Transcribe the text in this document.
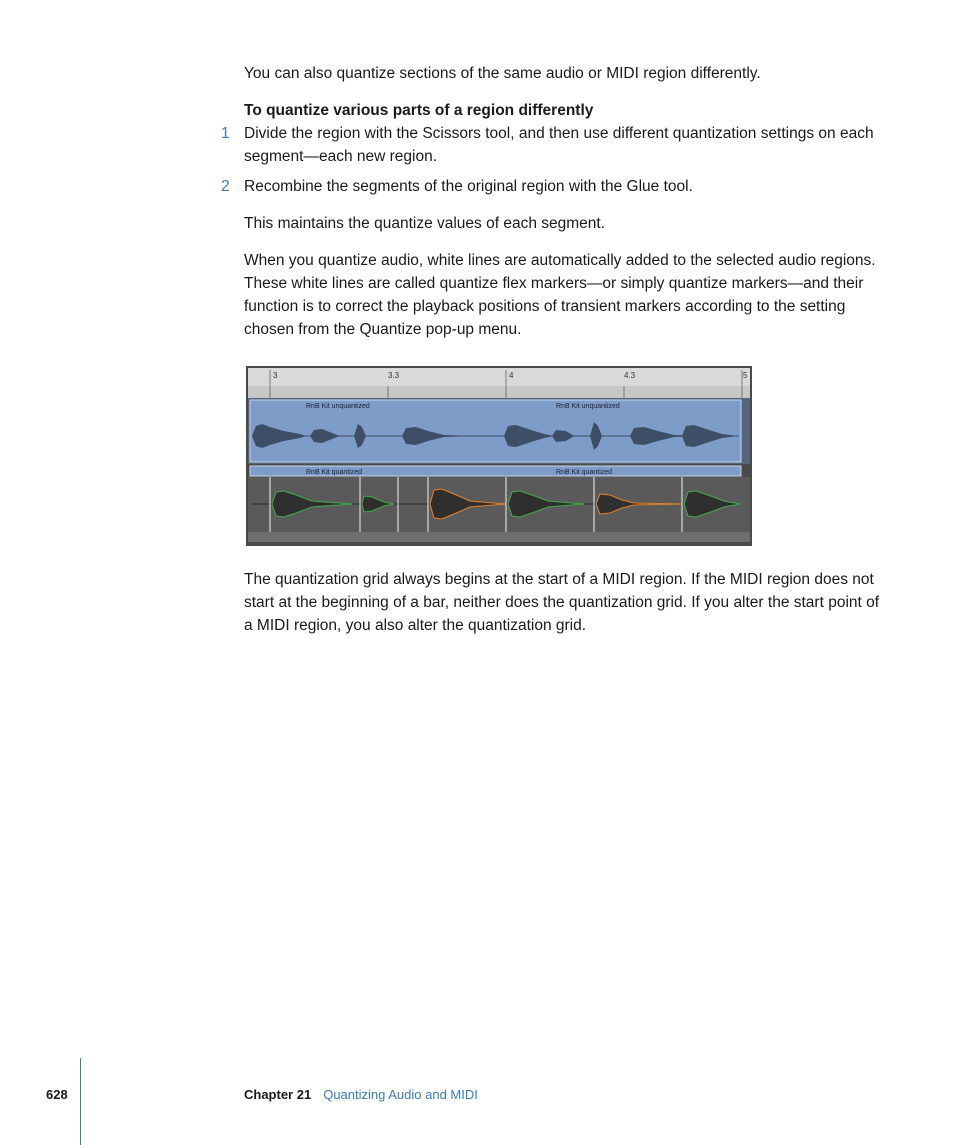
You can also quantize sections of the same audio or MIDI region differently.

To quantize various parts of a region differently

1 Divide the region with the Scissors tool, and then use different quantization settings on each segment—each new region.

2 Recombine the segments of the original region with the Glue tool.

This maintains the quantize values of each segment.

When you quantize audio, white lines are automatically added to the selected audio regions. These white lines are called quantize flex markers—or simply quantize markers—and their function is to correct the playback positions of transient markers according to the setting chosen from the Quantize pop-up menu.

3	3.3	4	4.3	5
RnB Kit unquantized	RnB Kit unquantized
RnB Kit quantized	RnB Kit quantized

The quantization grid always begins at the start of a MIDI region. If the MIDI region does not start at the beginning of a bar, neither does the quantization grid. If you alter the start point of a MIDI region, you also alter the quantization grid.

628	Chapter 21 Quantizing Audio and MIDI
